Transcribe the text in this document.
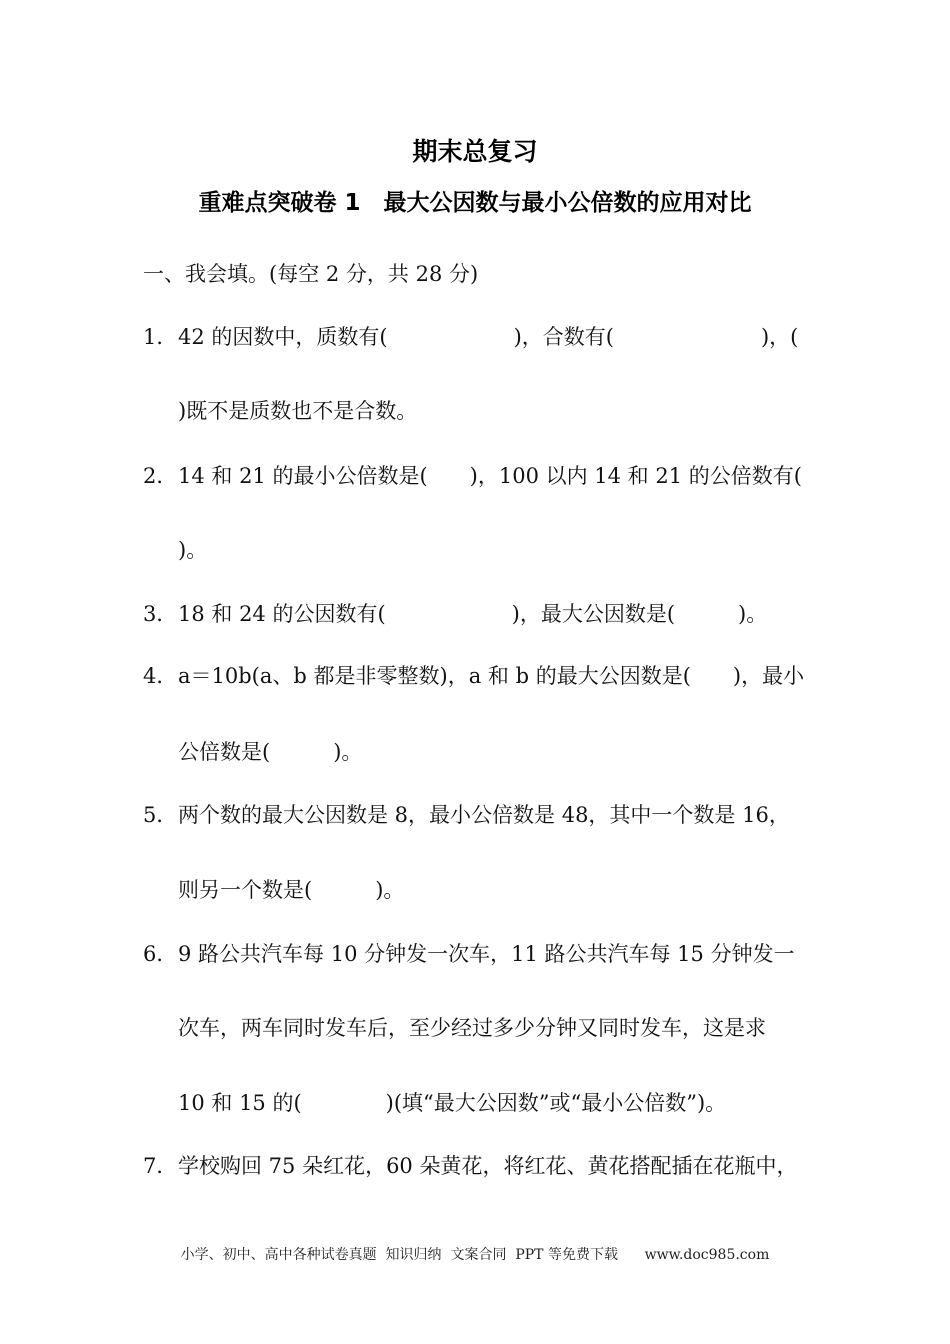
期末总复习
重难点突破卷 1　最大公因数与最小公倍数的应用对比
一、我会填。(每空 2 分，共 28 分)
1． 42 的因数中，质数有(　　　　　　)，合数有(　　　　　　　)，(
)既不是质数也不是合数。
2． 14 和 21 的最小公倍数是(　　)，100 以内 14 和 21 的公倍数有(
)。
3． 18 和 24 的公因数有(　　　　　　)，最大公因数是(　　　)。
4． a＝10b(a、b 都是非零整数)，a 和 b 的最大公因数是(　　)，最小
公倍数是(　　　)。
5． 两个数的最大公因数是 8，最小公倍数是 48，其中一个数是 16，
则另一个数是(　　　)。
6． 9 路公共汽车每 10 分钟发一次车，11 路公共汽车每 15 分钟发一
次车，两车同时发车后，至少经过多少分钟又同时发车，这是求
10 和 15 的(　　　　)(填“最大公因数”或“最小公倍数”)。
7． 学校购回 75 朵红花，60 朵黄花，将红花、黄花搭配插在花瓶中，
小学、初中、高中各种试卷真题  知识归纳  文案合同  PPT 等免费下载      www.doc985.com
